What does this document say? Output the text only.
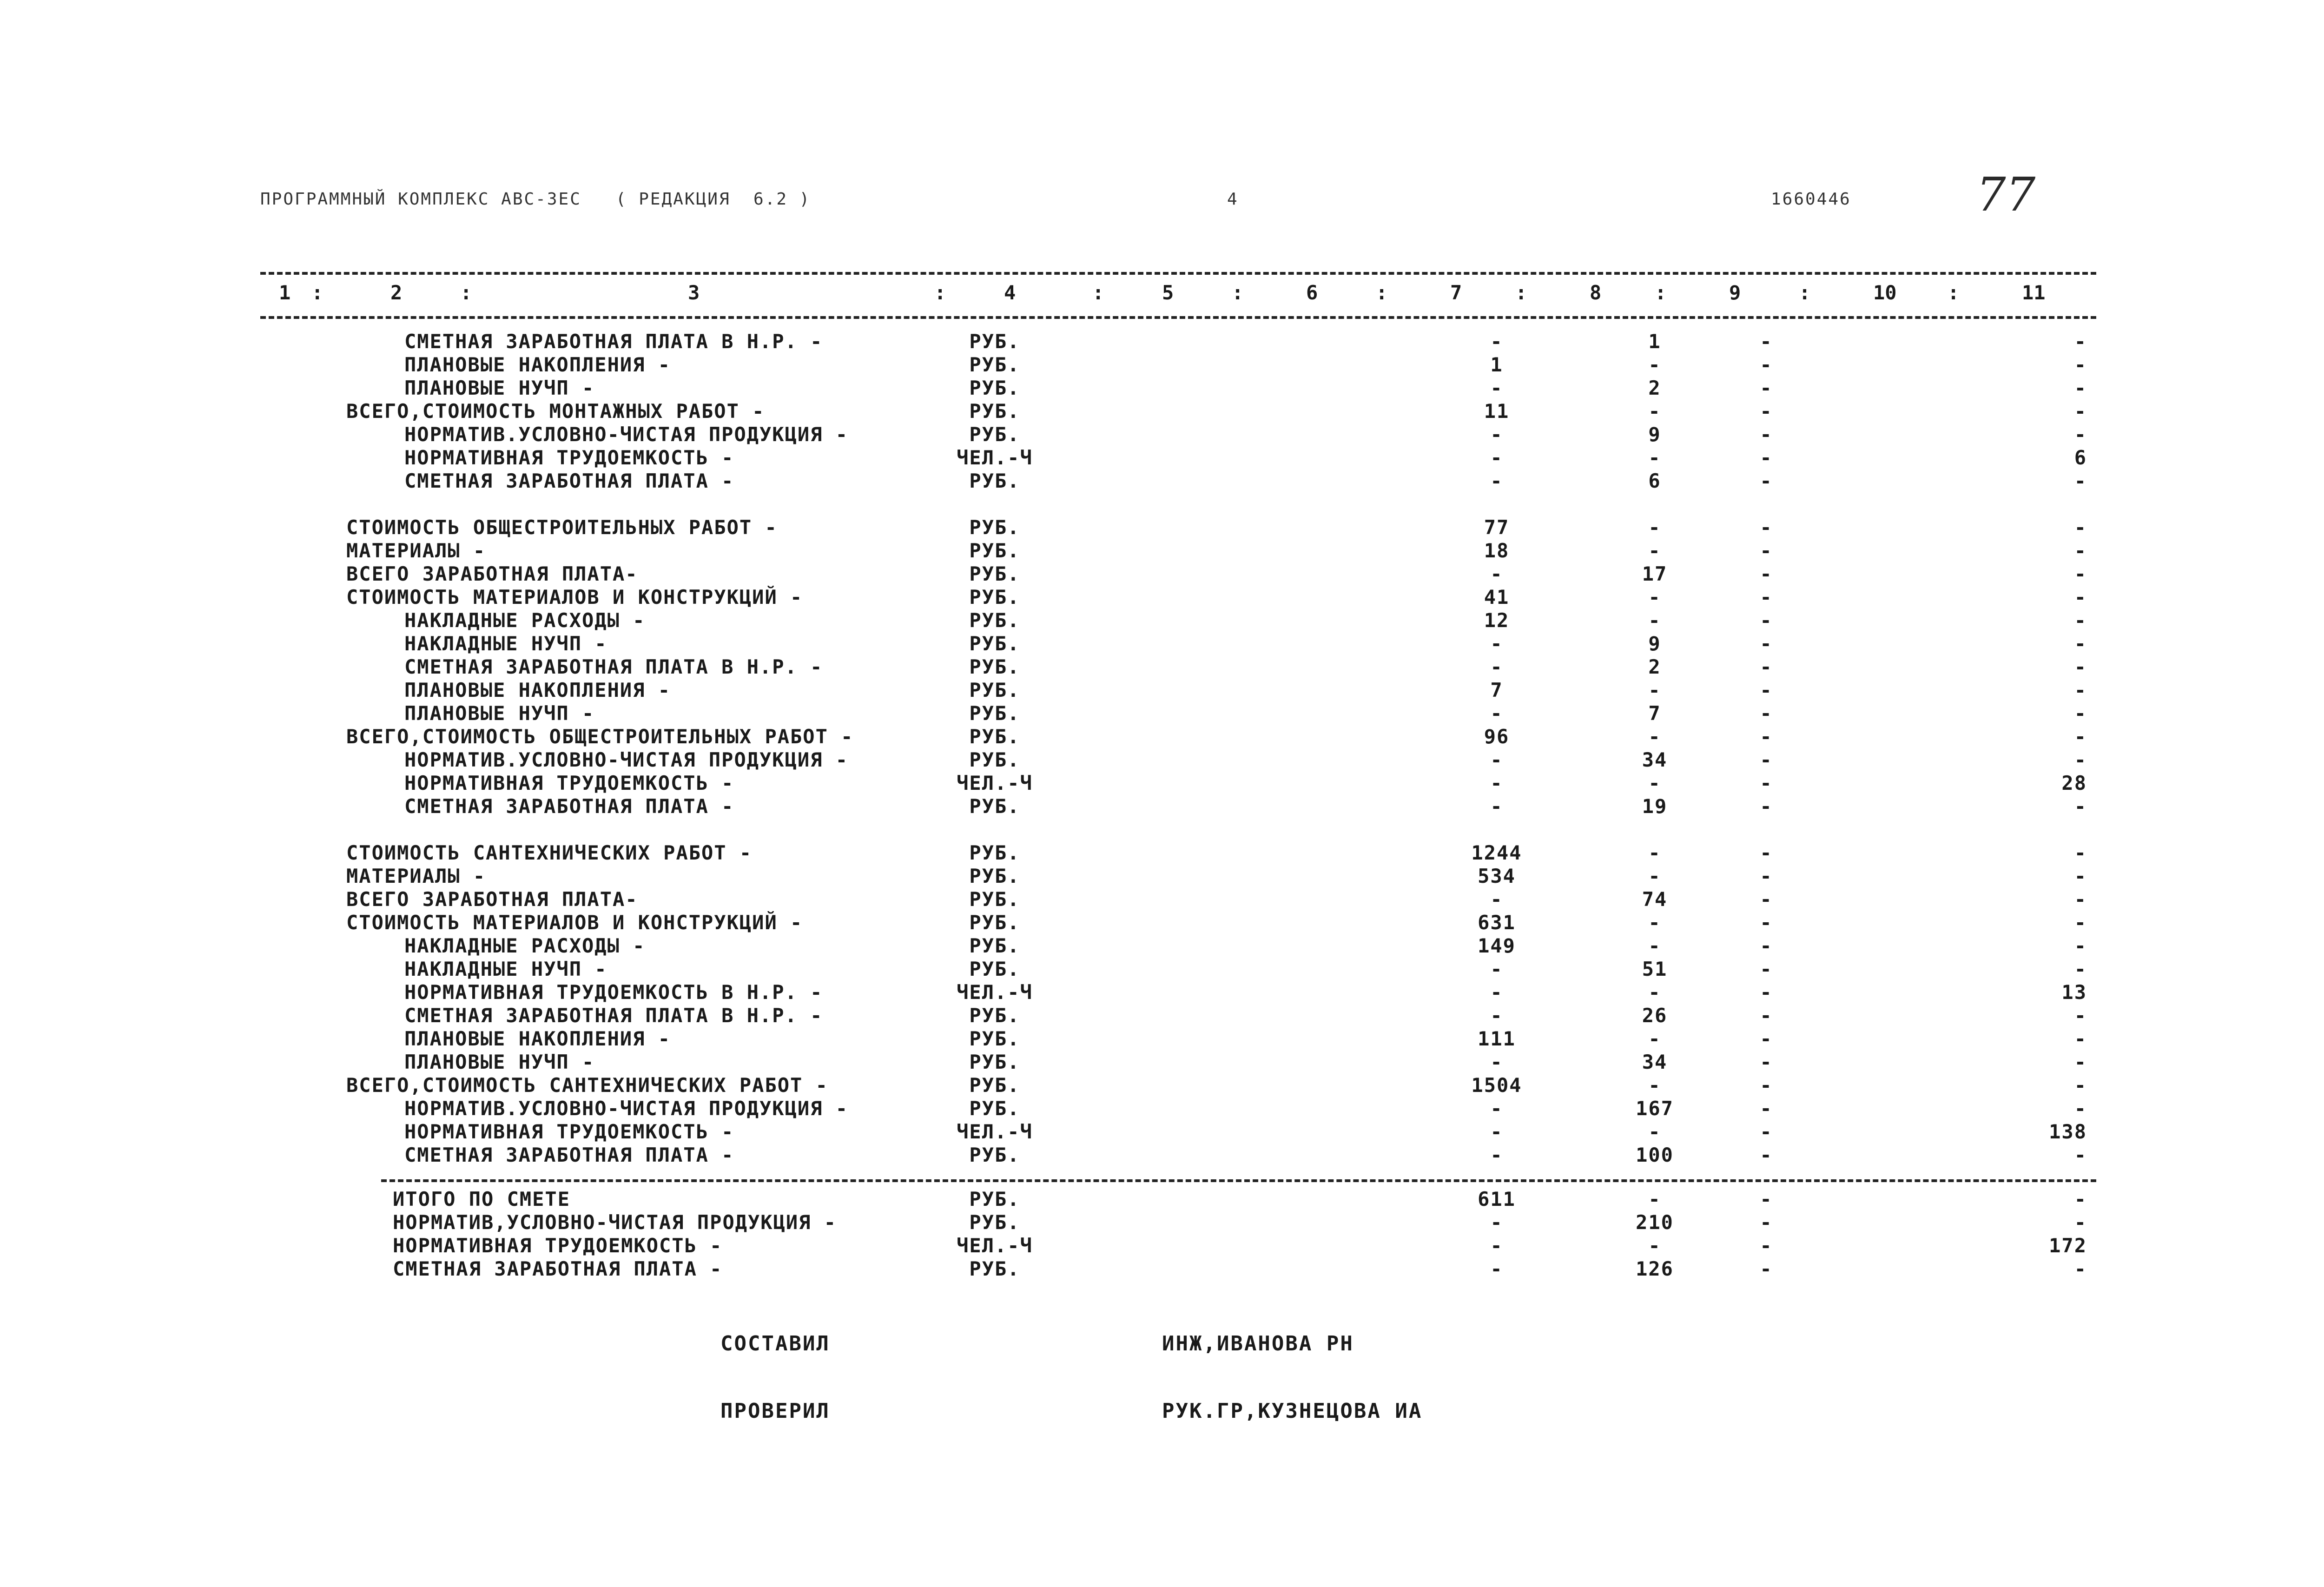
ПРОГРАММНЫЙ КОМПЛЕКС АВС-ЗЕС   ( РЕДАКЦИЯ  6.2 )	4	1660446	77
1	2	3	4	5	6	7	8	9	10	11
:	:	:	:	:	:	:	:	:	:
СМЕТНАЯ ЗАРАБОТНАЯ ПЛАТА В Н.Р. -	РУБ.	-	1	-	-
ПЛАНОВЫЕ НАКОПЛЕНИЯ -	РУБ.	1	-	-	-
ПЛАНОВЫЕ НУЧП -	РУБ.	-	2	-	-
ВСЕГО,СТОИМОСТЬ МОНТАЖНЫХ РАБОТ -	РУБ.	11	-	-	-
НОРМАТИВ.УСЛОВНО-ЧИСТАЯ ПРОДУКЦИЯ -	РУБ.	-	9	-	-
НОРМАТИВНАЯ ТРУДОЕМКОСТЬ -	ЧЕЛ.-Ч	-	-	-	6
СМЕТНАЯ ЗАРАБОТНАЯ ПЛАТА -	РУБ.	-	6	-	-
СТОИМОСТЬ ОБЩЕСТРОИТЕЛЬНЫХ РАБОТ -	РУБ.	77	-	-	-
МАТЕРИАЛЫ -	РУБ.	18	-	-	-
ВСЕГО ЗАРАБОТНАЯ ПЛАТА-	РУБ.	-	17	-	-
СТОИМОСТЬ МАТЕРИАЛОВ И КОНСТРУКЦИЙ -	РУБ.	41	-	-	-
НАКЛАДНЫЕ РАСХОДЫ -	РУБ.	12	-	-	-
НАКЛАДНЫЕ НУЧП -	РУБ.	-	9	-	-
СМЕТНАЯ ЗАРАБОТНАЯ ПЛАТА В Н.Р. -	РУБ.	-	2	-	-
ПЛАНОВЫЕ НАКОПЛЕНИЯ -	РУБ.	7	-	-	-
ПЛАНОВЫЕ НУЧП -	РУБ.	-	7	-	-
ВСЕГО,СТОИМОСТЬ ОБЩЕСТРОИТЕЛЬНЫХ РАБОТ -	РУБ.	96	-	-	-
НОРМАТИВ.УСЛОВНО-ЧИСТАЯ ПРОДУКЦИЯ -	РУБ.	-	34	-	-
НОРМАТИВНАЯ ТРУДОЕМКОСТЬ -	ЧЕЛ.-Ч	-	-	-	28
СМЕТНАЯ ЗАРАБОТНАЯ ПЛАТА -	РУБ.	-	19	-	-
СТОИМОСТЬ САНТЕХНИЧЕСКИХ РАБОТ -	РУБ.	1244	-	-	-
МАТЕРИАЛЫ -	РУБ.	534	-	-	-
ВСЕГО ЗАРАБОТНАЯ ПЛАТА-	РУБ.	-	74	-	-
СТОИМОСТЬ МАТЕРИАЛОВ И КОНСТРУКЦИЙ -	РУБ.	631	-	-	-
НАКЛАДНЫЕ РАСХОДЫ -	РУБ.	149	-	-	-
НАКЛАДНЫЕ НУЧП -	РУБ.	-	51	-	-
НОРМАТИВНАЯ ТРУДОЕМКОСТЬ В Н.Р. -	ЧЕЛ.-Ч	-	-	-	13
СМЕТНАЯ ЗАРАБОТНАЯ ПЛАТА В Н.Р. -	РУБ.	-	26	-	-
ПЛАНОВЫЕ НАКОПЛЕНИЯ -	РУБ.	111	-	-	-
ПЛАНОВЫЕ НУЧП -	РУБ.	-	34	-	-
ВСЕГО,СТОИМОСТЬ САНТЕХНИЧЕСКИХ РАБОТ -	РУБ.	1504	-	-	-
НОРМАТИВ.УСЛОВНО-ЧИСТАЯ ПРОДУКЦИЯ -	РУБ.	-	167	-	-
НОРМАТИВНАЯ ТРУДОЕМКОСТЬ -	ЧЕЛ.-Ч	-	-	-	138
СМЕТНАЯ ЗАРАБОТНАЯ ПЛАТА -	РУБ.	-	100	-	-
ИТОГО ПО СМЕТЕ	РУБ.	611	-	-	-
НОРМАТИВ,УСЛОВНО-ЧИСТАЯ ПРОДУКЦИЯ -	РУБ.	-	210	-	-
НОРМАТИВНАЯ ТРУДОЕМКОСТЬ -	ЧЕЛ.-Ч	-	-	-	172
СМЕТНАЯ ЗАРАБОТНАЯ ПЛАТА -	РУБ.	-	126	-	-
СОСТАВИЛ	ИНЖ,ИВАНОВА РН
ПРОВЕРИЛ	РУК.ГР,КУЗНЕЦОВА ИА
